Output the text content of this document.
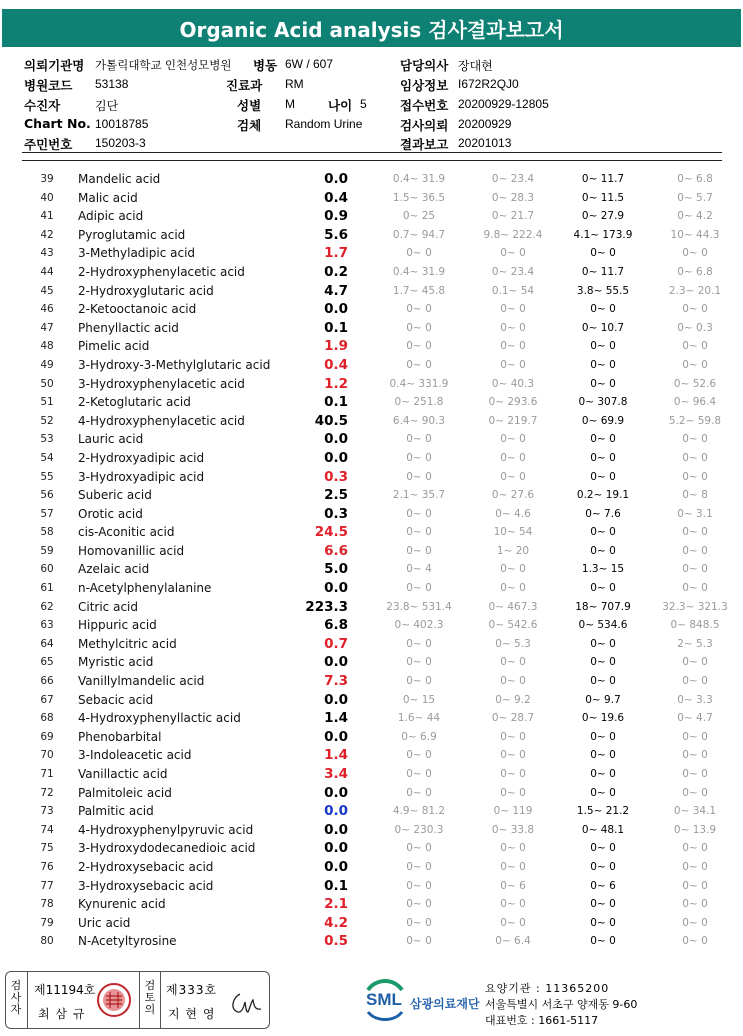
Organic Acid analysis 검사결과보고서
의뢰기관명 가톨릭대학교 인천성모병원 병동 6W / 607	담당의사 장대현
병원코드 53138	진료과 RM	임상정보 I672R2QJ0
수진자	김단	성별 M	나이 5	접수번호 20200929-12805
Chart No. 10018785	검체 Random Urine	검사의뢰 20200929
주민번호 150203-3	결과보고 20201013
39	Mandelic acid	0.0	0.4~ 31.9	0~ 23.4	0~ 11.7	0~ 6.8
40	Malic acid	0.4	1.5~ 36.5	0~ 28.3	0~ 11.5	0~ 5.7
41	Adipic acid	0.9	0~ 25	0~ 21.7	0~ 27.9	0~ 4.2
42	Pyroglutamic acid	5.6	0.7~ 94.7	9.8~ 222.4	4.1~ 173.9	10~ 44.3
43	3-Methyladipic acid	1.7	0~ 0	0~ 0	0~ 0	0~ 0
44	2-Hydroxyphenylacetic acid	0.2	0.4~ 31.9	0~ 23.4	0~ 11.7	0~ 6.8
45	2-Hydroxyglutaric acid	4.7	1.7~ 45.8	0.1~ 54	3.8~ 55.5	2.3~ 20.1
46	2-Ketooctanoic acid	0.0	0~ 0	0~ 0	0~ 0	0~ 0
47	Phenyllactic acid	0.1	0~ 0	0~ 0	0~ 10.7	0~ 0.3
48	Pimelic acid	1.9	0~ 0	0~ 0	0~ 0	0~ 0
49	3-Hydroxy-3-Methylglutaric acid	0.4	0~ 0	0~ 0	0~ 0	0~ 0
50	3-Hydroxyphenylacetic acid	1.2	0.4~ 331.9	0~ 40.3	0~ 0	0~ 52.6
51	2-Ketoglutaric acid	0.1	0~ 251.8	0~ 293.6	0~ 307.8	0~ 96.4
52	4-Hydroxyphenylacetic acid	40.5	6.4~ 90.3	0~ 219.7	0~ 69.9	5.2~ 59.8
53	Lauric acid	0.0	0~ 0	0~ 0	0~ 0	0~ 0
54	2-Hydroxyadipic acid	0.0	0~ 0	0~ 0	0~ 0	0~ 0
55	3-Hydroxyadipic acid	0.3	0~ 0	0~ 0	0~ 0	0~ 0
56	Suberic acid	2.5	2.1~ 35.7	0~ 27.6	0.2~ 19.1	0~ 8
57	Orotic acid	0.3	0~ 0	0~ 4.6	0~ 7.6	0~ 3.1
58	cis-Aconitic acid	24.5	0~ 0	10~ 54	0~ 0	0~ 0
59	Homovanillic acid	6.6	0~ 0	1~ 20	0~ 0	0~ 0
60	Azelaic acid	5.0	0~ 4	0~ 0	1.3~ 15	0~ 0
61	n-Acetylphenylalanine	0.0	0~ 0	0~ 0	0~ 0	0~ 0
62	Citric acid	223.3	23.8~ 531.4	0~ 467.3	18~ 707.9	32.3~ 321.3
63	Hippuric acid	6.8	0~ 402.3	0~ 542.6	0~ 534.6	0~ 848.5
64	Methylcitric acid	0.7	0~ 0	0~ 5.3	0~ 0	2~ 5.3
65	Myristic acid	0.0	0~ 0	0~ 0	0~ 0	0~ 0
66	Vanillylmandelic acid	7.3	0~ 0	0~ 0	0~ 0	0~ 0
67	Sebacic acid	0.0	0~ 15	0~ 9.2	0~ 9.7	0~ 3.3
68	4-Hydroxyphenyllactic acid	1.4	1.6~ 44	0~ 28.7	0~ 19.6	0~ 4.7
69	Phenobarbital	0.0	0~ 6.9	0~ 0	0~ 0	0~ 0
70	3-Indoleacetic acid	1.4	0~ 0	0~ 0	0~ 0	0~ 0
71	Vanillactic acid	3.4	0~ 0	0~ 0	0~ 0	0~ 0
72	Palmitoleic acid	0.0	0~ 0	0~ 0	0~ 0	0~ 0
73	Palmitic acid	0.0	4.9~ 81.2	0~ 119	1.5~ 21.2	0~ 34.1
74	4-Hydroxyphenylpyruvic acid	0.0	0~ 230.3	0~ 33.8	0~ 48.1	0~ 13.9
75	3-Hydroxydodecanedioic acid	0.0	0~ 0	0~ 0	0~ 0	0~ 0
76	2-Hydroxysebacic acid	0.0	0~ 0	0~ 0	0~ 0	0~ 0
77	3-Hydroxysebacic acid	0.1	0~ 0	0~ 6	0~ 6	0~ 0
78	Kynurenic acid	2.1	0~ 0	0~ 0	0~ 0	0~ 0
79	Uric acid	4.2	0~ 0	0~ 0	0~ 0	0~ 0
80	N-Acetyltyrosine	0.5	0~ 0	0~ 6.4	0~ 0	0~ 0
검사자
제11194호
최 삼 규
검토의
제333호
지 현 영
SML 삼광의료재단
요양기관 : 11365200
서울특별시 서초구 양재동 9-60
대표번호 : 1661-5117
